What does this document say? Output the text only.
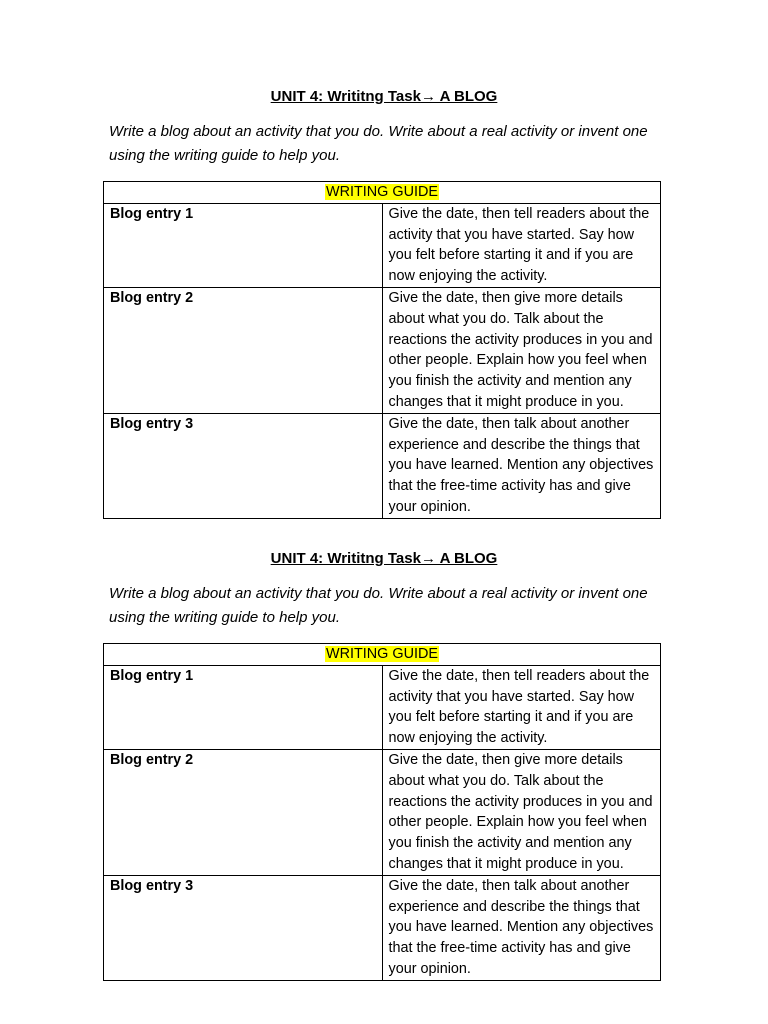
UNIT 4: Writitng Task→ A BLOG
Write a blog about an activity that you do. Write about a real activity or invent one using the writing guide to help you.
WRITING GUIDE	
Blog entry 1	Give the date, then tell readers about the activity that you have started. Say how you felt before starting it and if you are now enjoying the activity.
Blog entry 2	Give the date, then give more details about what you do. Talk about the reactions the activity produces in you and other people. Explain how you feel when you finish the activity and mention any changes that it might produce in you.
Blog entry 3	Give the date, then talk about another experience and describe the things that you have learned. Mention any objectives that the free-time activity has and give your opinion.
UNIT 4: Writitng Task→ A BLOG
Write a blog about an activity that you do. Write about a real activity or invent one using the writing guide to help you.
WRITING GUIDE	
Blog entry 1	Give the date, then tell readers about the activity that you have started. Say how you felt before starting it and if you are now enjoying the activity.
Blog entry 2	Give the date, then give more details about what you do. Talk about the reactions the activity produces in you and other people. Explain how you feel when you finish the activity and mention any changes that it might produce in you.
Blog entry 3	Give the date, then talk about another experience and describe the things that you have learned. Mention any objectives that the free-time activity has and give your opinion.
